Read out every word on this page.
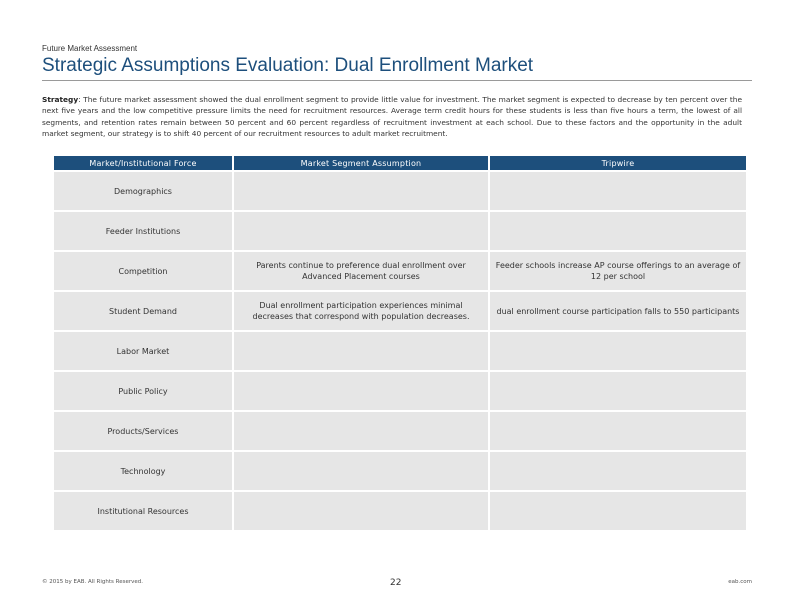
Future Market Assessment
Strategic Assumptions Evaluation: Dual Enrollment Market
Strategy: The future market assessment showed the dual enrollment segment to provide little value for investment. The market segment is expected to decrease by ten percent over the next five years and the low competitive pressure limits the need for recruitment resources. Average term credit hours for these students is less than five hours a term, the lowest of all segments, and retention rates remain between 50 percent and 60 percent regardless of recruitment investment at each school. Due to these factors and the opportunity in the adult market segment, our strategy is to shift 40 percent of our recruitment resources to adult market recruitment.
Market/Institutional Force	Market Segment Assumption	Tripwire
Demographics		
Feeder Institutions		
Competition	Parents continue to preference dual enrollment over Advanced Placement courses	Feeder schools increase AP course offerings to an average of 12 per school
Student Demand	Dual enrollment participation experiences minimal decreases that correspond with population decreases.	dual enrollment course participation falls to 550 participants
Labor Market		
Public Policy		
Products/Services		
Technology		
Institutional Resources		
© 2015 by EAB. All Rights Reserved.	22	eab.com
